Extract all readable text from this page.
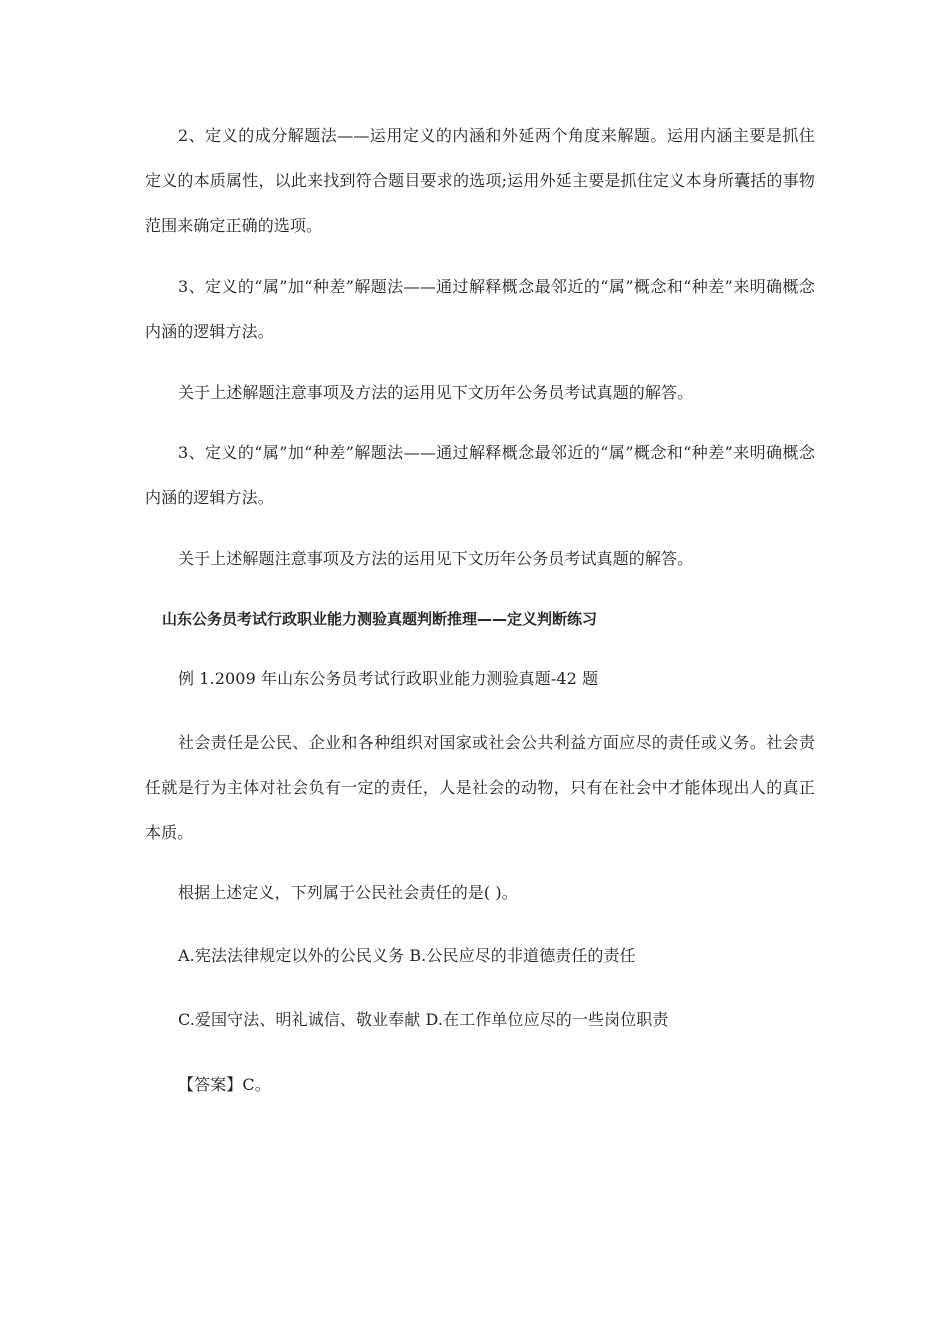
2、定义的成分解题法——运用定义的内涵和外延两个角度来解题。运用内涵主要是抓住定义的本质属性，以此来找到符合题目要求的选项;运用外延主要是抓住定义本身所囊括的事物范围来确定正确的选项。

3、定义的“属”加“种差”解题法——通过解释概念最邻近的“属”概念和“种差”来明确概念内涵的逻辑方法。

关于上述解题注意事项及方法的运用见下文历年公务员考试真题的解答。

3、定义的“属”加“种差”解题法——通过解释概念最邻近的“属”概念和“种差”来明确概念内涵的逻辑方法。

关于上述解题注意事项及方法的运用见下文历年公务员考试真题的解答。

山东公务员考试行政职业能力测验真题判断推理——定义判断练习

例 1.2009 年山东公务员考试行政职业能力测验真题-42 题

社会责任是公民、企业和各种组织对国家或社会公共利益方面应尽的责任或义务。社会责任就是行为主体对社会负有一定的责任，人是社会的动物，只有在社会中才能体现出人的真正本质。

根据上述定义，下列属于公民社会责任的是( )。

A.宪法法律规定以外的公民义务 B.公民应尽的非道德责任的责任

C.爱国守法、明礼诚信、敬业奉献 D.在工作单位应尽的一些岗位职责

【答案】C。
